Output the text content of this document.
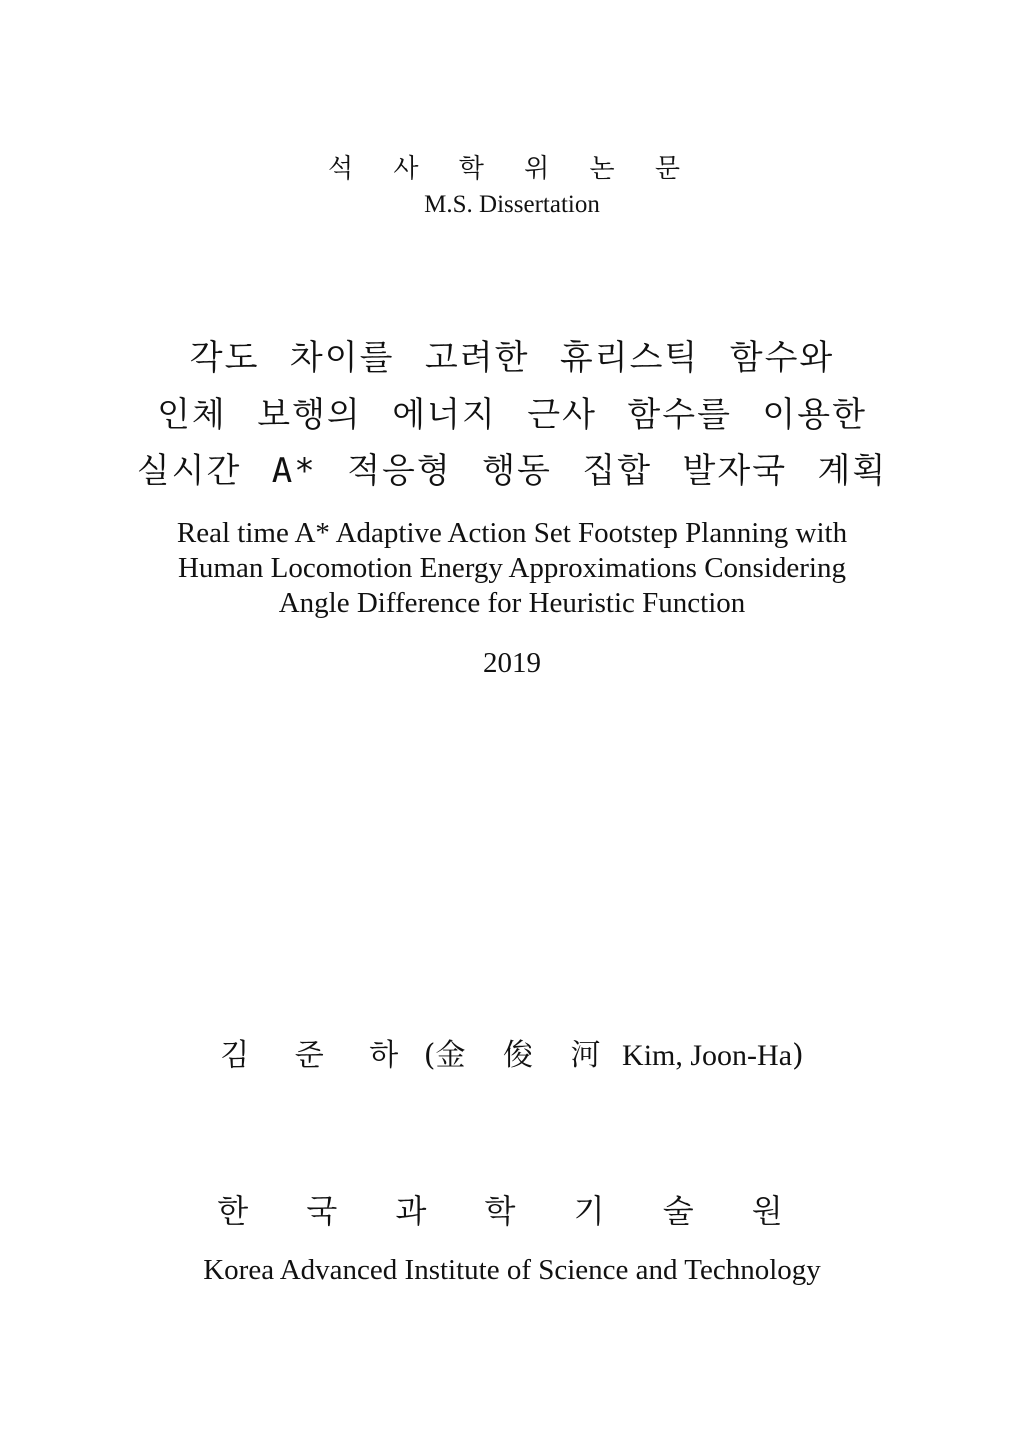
석 사 학 위 논 문
M.S. Dissertation
각도 차이를 고려한 휴리스틱 함수와
인체 보행의 에너지 근사 함수를 이용한
실시간 A* 적응형 행동 집합 발자국 계획
Real time A* Adaptive Action Set Footstep Planning with
Human Locomotion Energy Approximations Considering
Angle Difference for Heuristic Function
2019
김 준 하 (金 俊 河 Kim, Joon-Ha)
한 국 과 학 기 술 원
Korea Advanced Institute of Science and Technology
